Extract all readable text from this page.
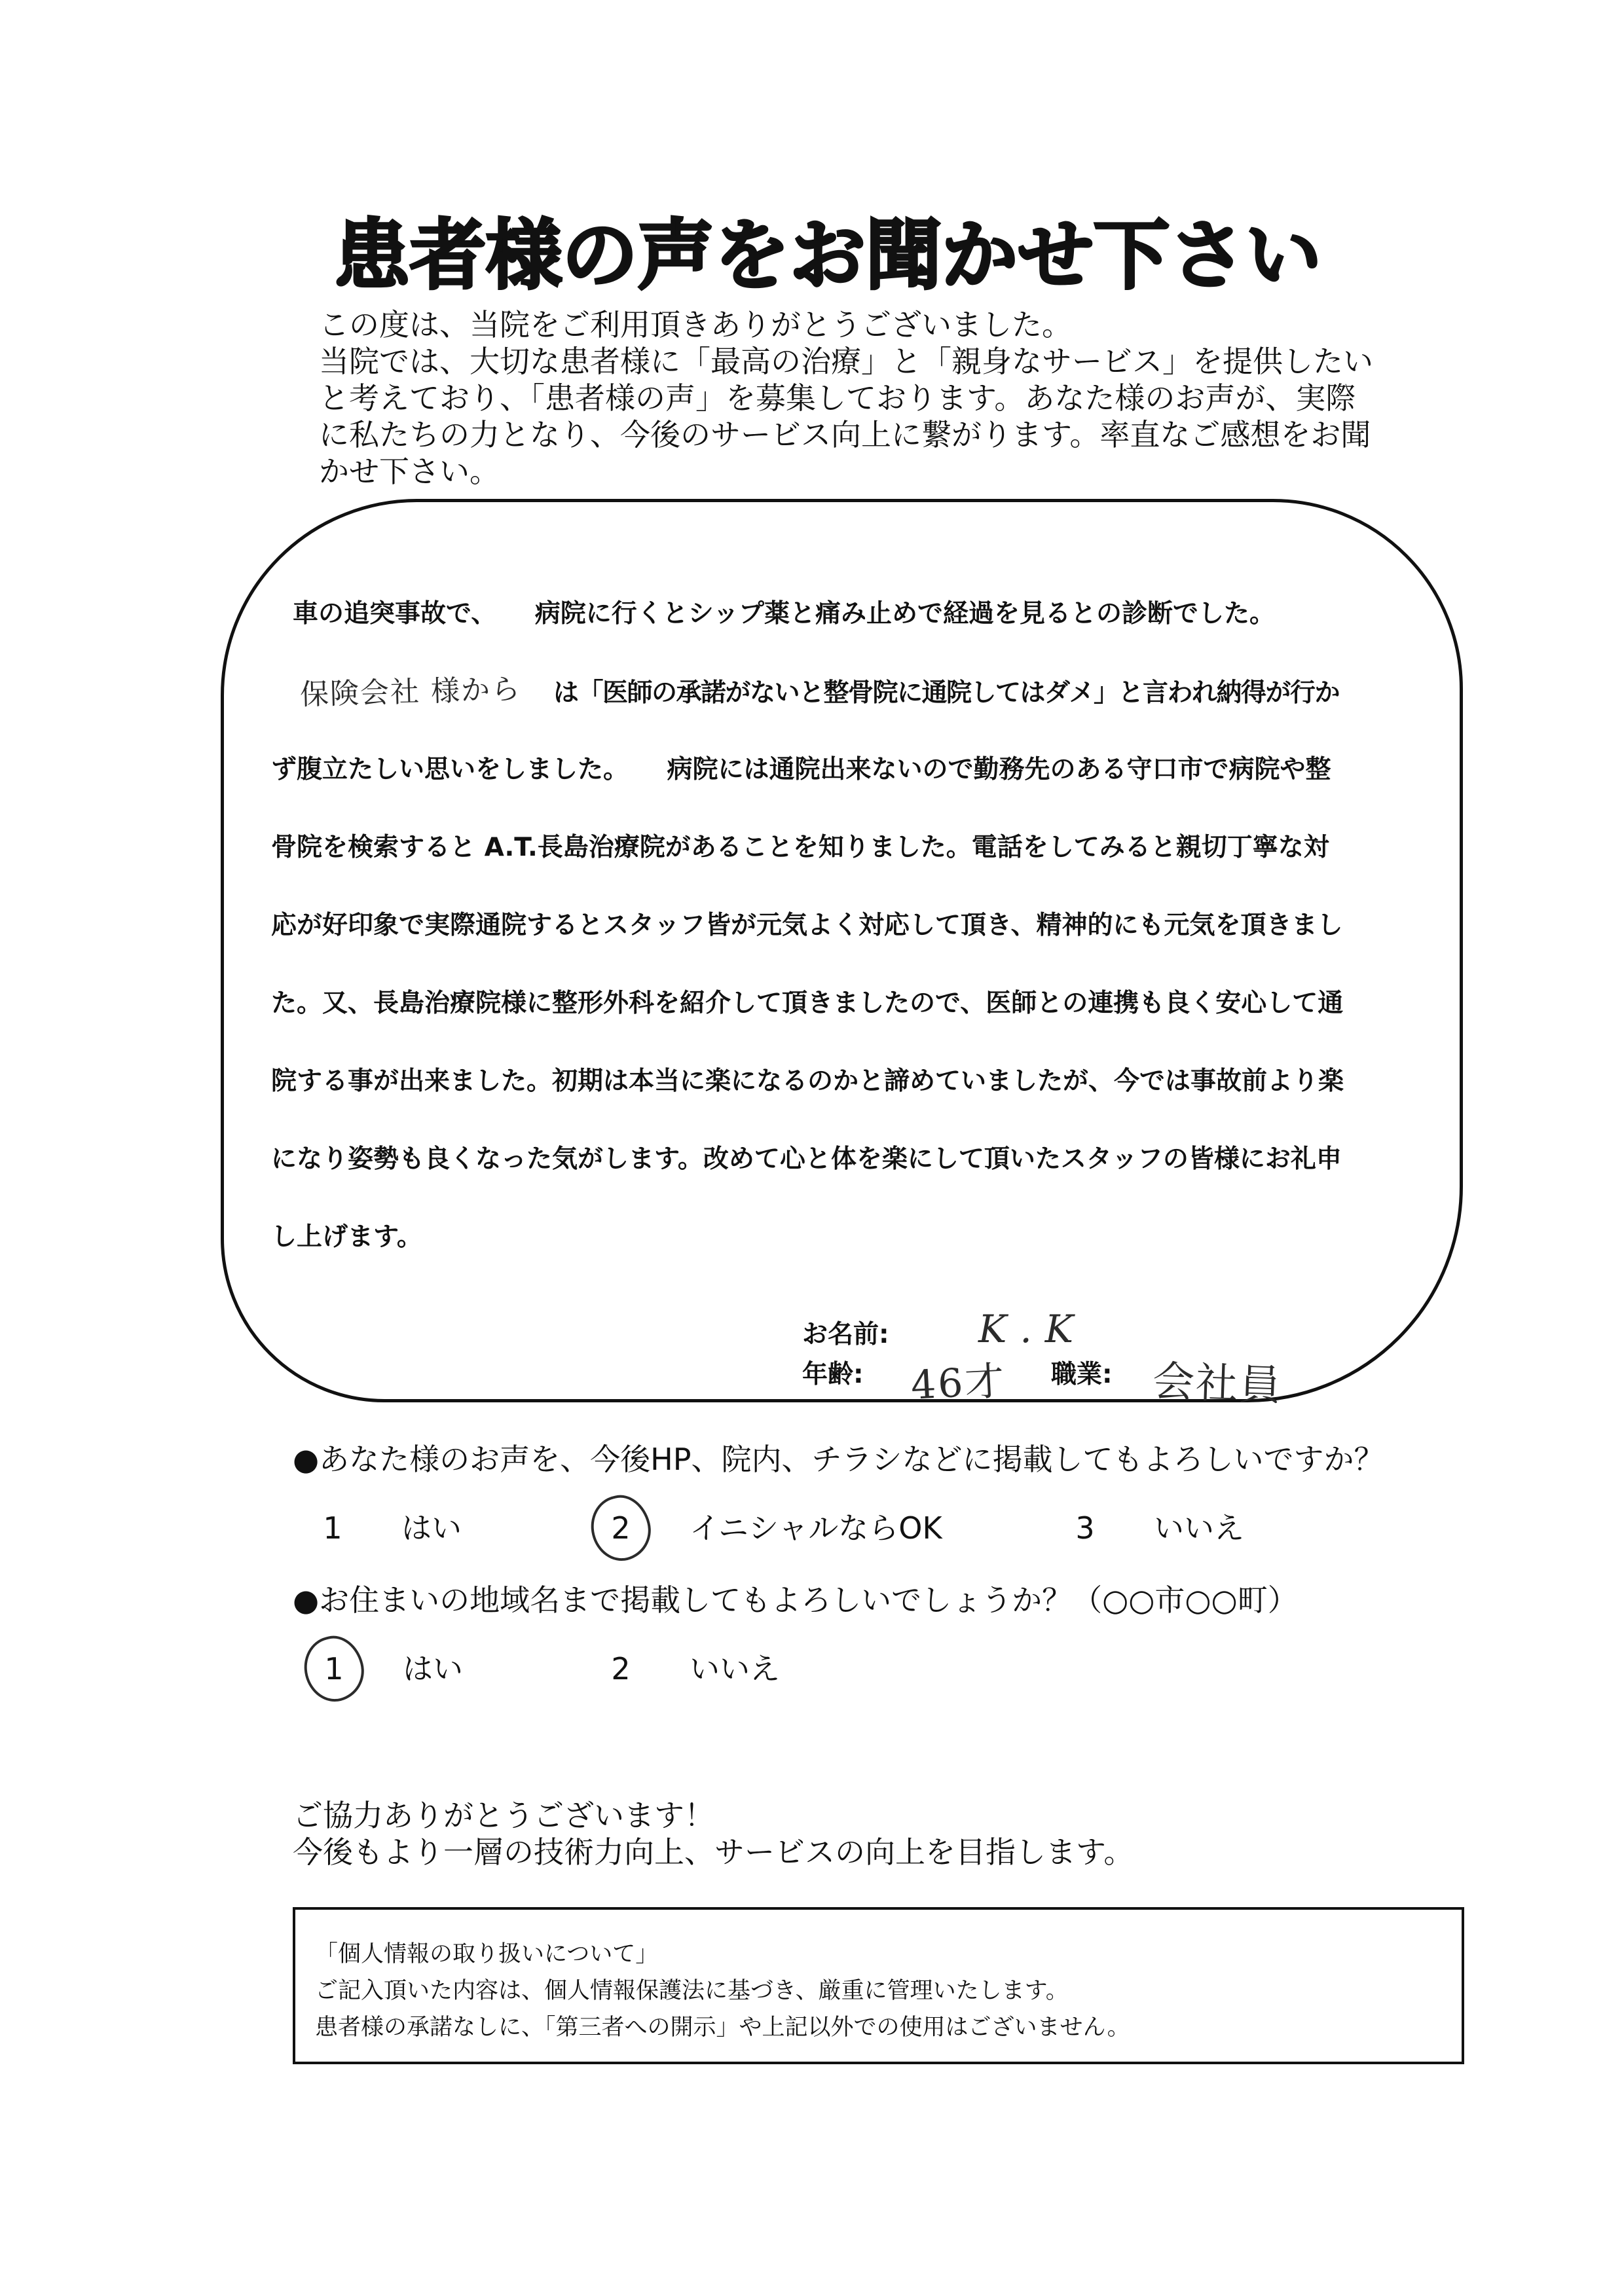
患者様の声をお聞かせ下さい
この度は、当院をご利用頂きありがとうございました。
当院では、大切な患者様に「最高の治療」と「親身なサービス」を提供したい
と考えており、「患者様の声」を募集しております。あなた様のお声が、実際
に私たちの力となり、今後のサービス向上に繋がります。率直なご感想をお聞
かせ下さい。
車の追突事故で、　　病院に行くとシップ薬と痛み止めで経過を見るとの診断でした。
保険会社 様から は「医師の承諾がないと整骨院に通院してはダメ」と言われ納得が行か
ず腹立たしい思いをしました。　　病院には通院出来ないので勤務先のある守口市で病院や整
骨院を検索すると A.T.長島治療院があることを知りました。電話をしてみると親切丁寧な対
応が好印象で実際通院するとスタッフ皆が元気よく対応して頂き、精神的にも元気を頂きまし
た。又、長島治療院様に整形外科を紹介して頂きましたので、医師との連携も良く安心して通
院する事が出来ました。初期は本当に楽になるのかと諦めていましたが、今では事故前より楽
になり姿勢も良くなった気がします。改めて心と体を楽にして頂いたスタッフの皆様にお礼申
し上げます。
お名前: K.K
年齢: 46才 職業: 会社員
●あなた様のお声を、今後HP、院内、チラシなどに掲載してもよろしいですか？
1 はい	2 イニシャルならOK	3 いいえ
●お住まいの地域名まで掲載してもよろしいでしょうか？（○○市○○町）
1 はい	2 いいえ
ご協力ありがとうございます！
今後もより一層の技術力向上、サービスの向上を目指します。
「個人情報の取り扱いについて」
ご記入頂いた内容は、個人情報保護法に基づき、厳重に管理いたします。
患者様の承諾なしに、「第三者への開示」や上記以外での使用はございません。
